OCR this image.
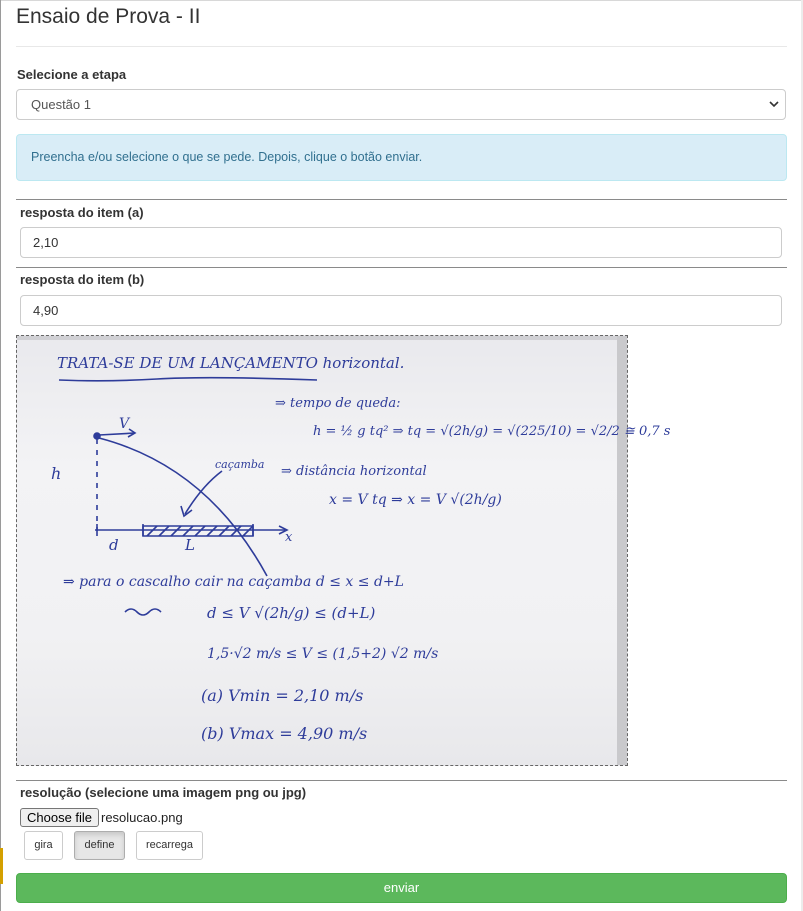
Ensaio de Prova - II
Selecione a etapa
Questão 1
Preencha e/ou selecione o que se pede. Depois, clique o botão enviar.
resposta do item (a)
2,10
resposta do item (b)
4,90
TRATA-SE DE UM LANÇAMENTO horizontal.
⇒ tempo de queda:
h = ½ g tq² ⇒ tq = √(2h/g) = √(225/10) = √2/2 ≅ 0,7 s
V
h	caçamba ⇒ distância horizontal
x = V tq ⇒ x = V √(2h/g)
d	L	x
⇒ para o cascalho cair na caçamba d ≤ x ≤ d+L
d ≤ V √(2h/g) ≤ (d+L)
1,5·√2 m/s ≤ V ≤ (1,5+2) √2 m/s
(a) Vmin = 2,10 m/s
(b) Vmax = 4,90 m/s
resolução (selecione uma imagem png ou jpg)
Choose file resolucao.png
gira	define	recarrega
enviar
